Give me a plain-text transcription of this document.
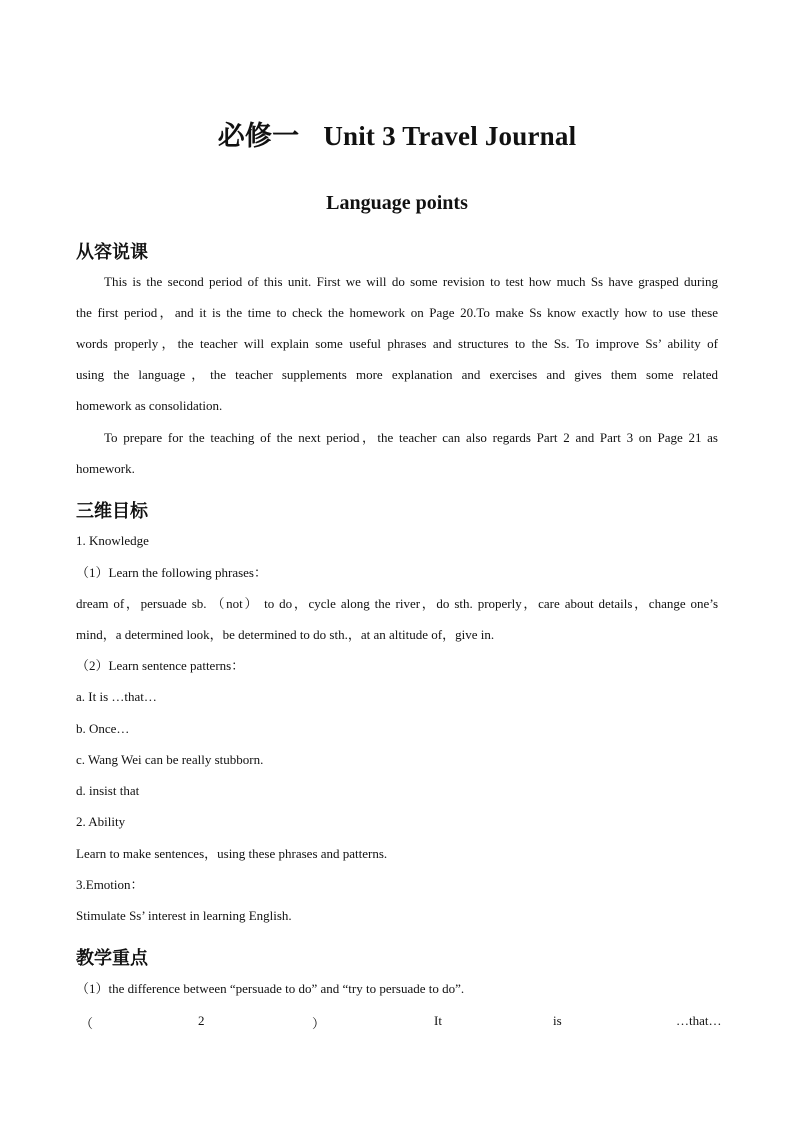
必修一 Unit 3 Travel Journal
Language points
从容说课
This is the second period of this unit. First we will do some revision to test how much Ss have grasped during
the first period，and it is the time to check the homework on Page 20.To make Ss know exactly how to use these
words properly，the teacher will explain some useful phrases and structures to the Ss. To improve Ss’ ability of
using the language，the teacher supplements more explanation and exercises and gives them some related
homework as consolidation.
To prepare for the teaching of the next period，the teacher can also regards Part 2 and Part 3 on Page 21 as
homework.
三维目标
1. Knowledge
（1）Learn the following phrases：
dream of，persuade sb. （not） to do，cycle along the river，do sth. properly，care about details，change one’s
mind，a determined look，be determined to do sth.，at an altitude of，give in.
（2）Learn sentence patterns：
a. It is …that…
b. Once…
c. Wang Wei can be really stubborn.
d. insist that
2. Ability
Learn to make sentences，using these phrases and patterns.
3.Emotion：
Stimulate Ss’ interest in learning English.
教学重点
（1）the difference between “persuade to do” and “try to persuade to do”.
（	2	）	It	is	…that…
